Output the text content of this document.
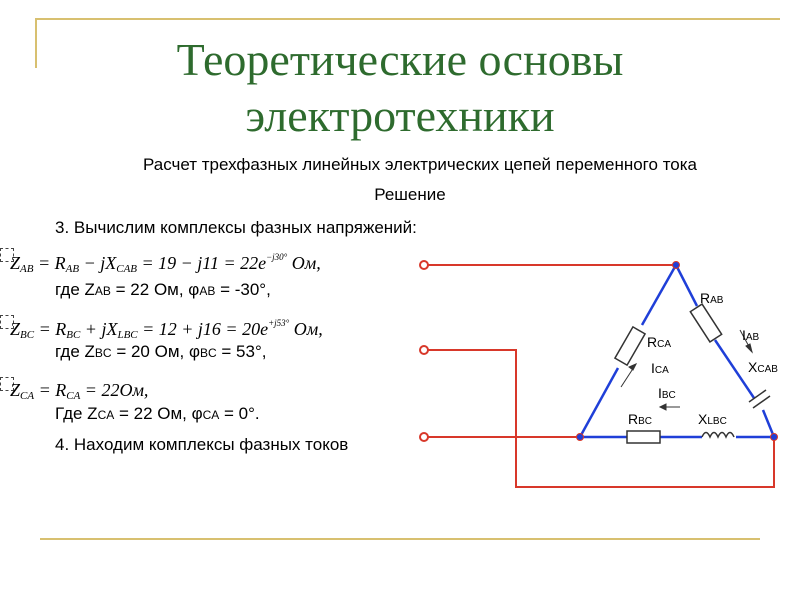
Теоретические основы
электротехники

Расчет трехфазных линейных электрических цепей переменного тока

Решение

3. Вычислим комплексы фазных напряжений:

ZAB = RAB − jXCAB = $19 - j11 = 22e^{-j30^\circ}$ Ом,

где ZAB = 22 Ом, φAB = -30°,

ZBC = RBC + jXLBC = $12 + j16 = 20e^{+j53^\circ}$ Ом,

где ZBC = 20 Ом, φBC = 53°,

ZCA = RCA = 22Ом,

Где ZCA = 22 Ом, φCA = 0°.

4. Находим комплексы фазных токов

RAB
IAB
XCAB
RCA
ICA
IBC
RBC	XLBC
